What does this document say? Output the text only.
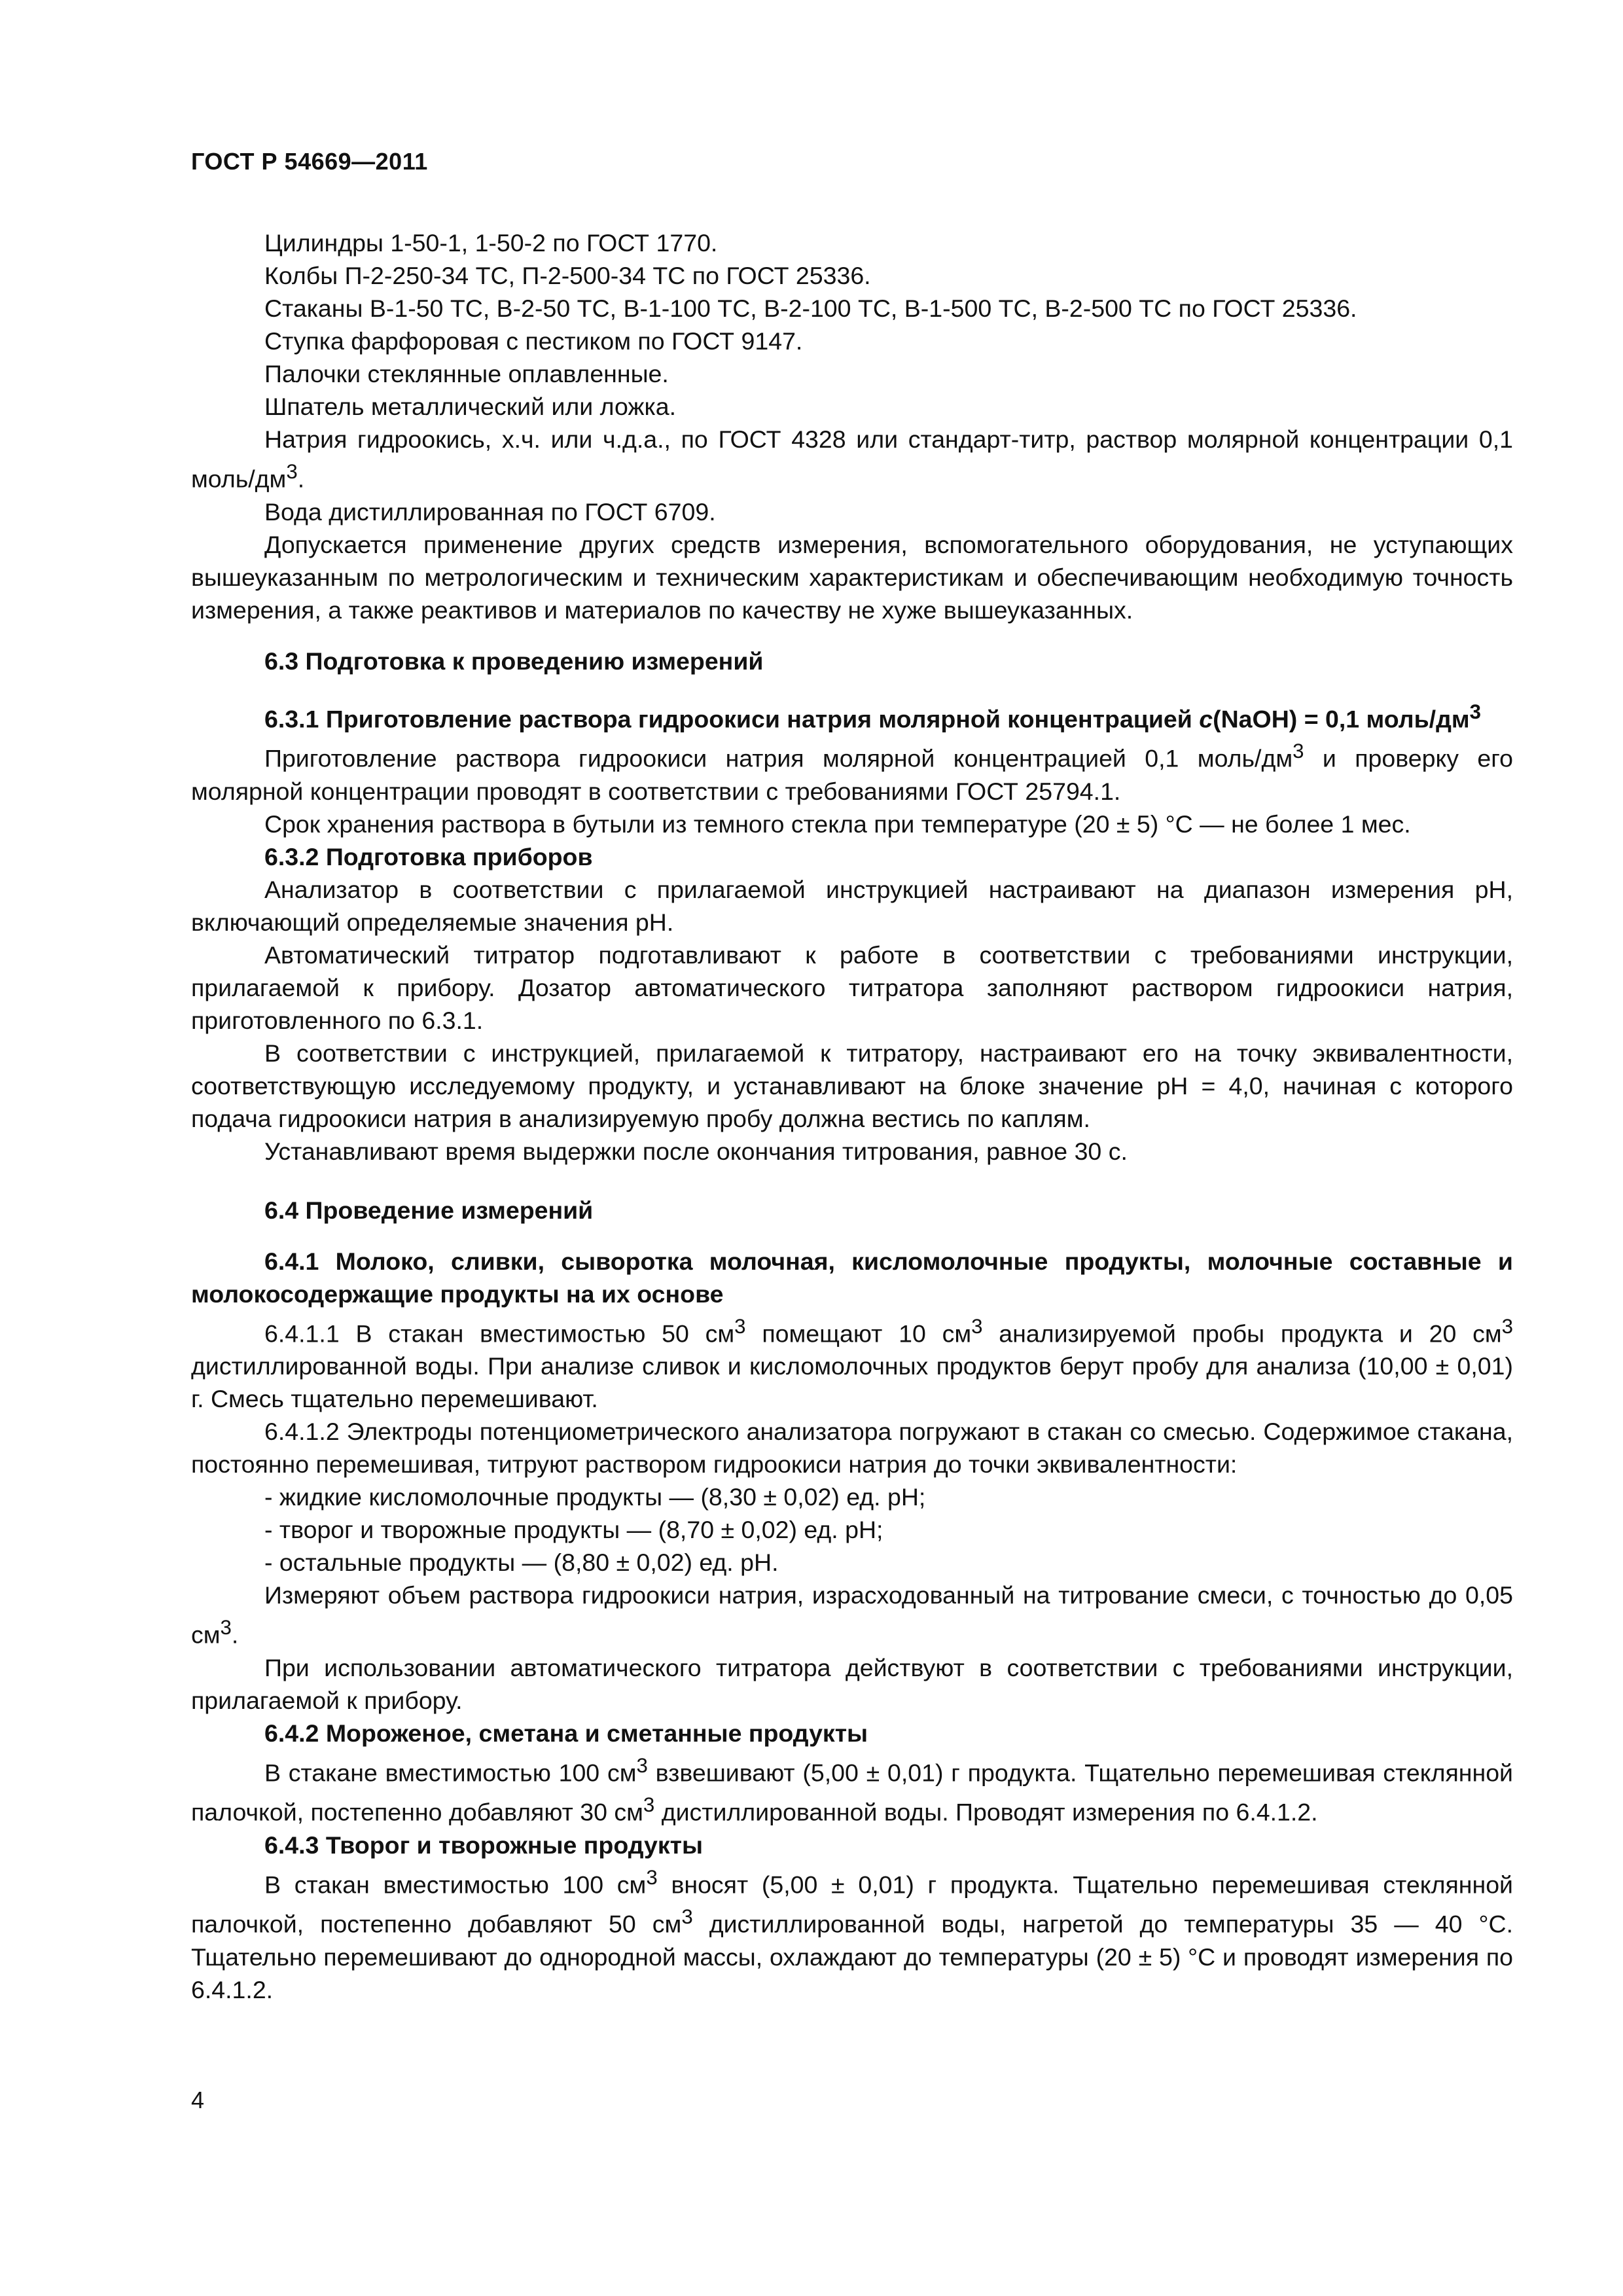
ГОСТ Р 54669—2011

Цилиндры 1-50-1, 1-50-2 по ГОСТ 1770.

Колбы П-2-250-34 ТС, П-2-500-34 ТС по ГОСТ 25336.

Стаканы В-1-50 ТС, В-2-50 ТС, В-1-100 ТС, В-2-100 ТС, В-1-500 ТС, В-2-500 ТС по ГОСТ 25336.

Ступка фарфоровая с пестиком по ГОСТ 9147.

Палочки стеклянные оплавленные.

Шпатель металлический или ложка.

Натрия гидроокись, х.ч. или ч.д.а., по ГОСТ 4328 или стандарт-титр, раствор молярной концентрации 0,1 моль/$дм^3$.

Вода дистиллированная по ГОСТ 6709.

Допускается применение других средств измерения, вспомогательного оборудования, не уступающих вышеуказанным по метрологическим и техническим характеристикам и обеспечивающим необходимую точность измерения, а также реактивов и материалов по качеству не хуже вышеуказанных.

6.3 Подготовка к проведению измерений

6.3.1 Приготовление раствора гидроокиси натрия молярной концентрацией c(NaOH) = 0,1 моль/$дм^3$

Приготовление раствора гидроокиси натрия молярной концентрацией 0,1 моль/$дм^3$ и проверку его молярной концентрации проводят в соответствии с требованиями ГОСТ 25794.1.

Срок хранения раствора в бутыли из темного стекла при температуре (20 ± 5) °С — не более 1 мес.

6.3.2 Подготовка приборов

Анализатор в соответствии с прилагаемой инструкцией настраивают на диапазон измерения pH, включающий определяемые значения pH.

Автоматический титратор подготавливают к работе в соответствии с требованиями инструкции, прилагаемой к прибору. Дозатор автоматического титратора заполняют раствором гидроокиси натрия, приготовленного по 6.3.1.

В соответствии с инструкцией, прилагаемой к титратору, настраивают его на точку эквивалентности, соответствующую исследуемому продукту, и устанавливают на блоке значение pH = 4,0, начиная с которого подача гидроокиси натрия в анализируемую пробу должна вестись по каплям.

Устанавливают время выдержки после окончания титрования, равное 30 с.

6.4 Проведение измерений

6.4.1 Молоко, сливки, сыворотка молочная, кисломолочные продукты, молочные составные и молокосодержащие продукты на их основе

6.4.1.1 В стакан вместимостью 50 $см^3$ помещают 10 $см^3$ анализируемой пробы продукта и 20 $см^3$ дистиллированной воды. При анализе сливок и кисломолочных продуктов берут пробу для анализа (10,00 ± 0,01) г. Смесь тщательно перемешивают.

6.4.1.2 Электроды потенциометрического анализатора погружают в стакан со смесью. Содержимое стакана, постоянно перемешивая, титруют раствором гидроокиси натрия до точки эквивалентности:

- жидкие кисломолочные продукты — (8,30 ± 0,02) ед. pH;

- творог и творожные продукты — (8,70 ± 0,02) ед. pH;

- остальные продукты — (8,80 ± 0,02) ед. pH.

Измеряют объем раствора гидроокиси натрия, израсходованный на титрование смеси, с точностью до 0,05 $см^3$.

При использовании автоматического титратора действуют в соответствии с требованиями инструкции, прилагаемой к прибору.

6.4.2 Мороженое, сметана и сметанные продукты

В стакане вместимостью 100 $см^3$ взвешивают (5,00 ± 0,01) г продукта. Тщательно перемешивая стеклянной палочкой, постепенно добавляют 30 $см^3$ дистиллированной воды. Проводят измерения по 6.4.1.2.

6.4.3 Творог и творожные продукты

В стакан вместимостью 100 $см^3$ вносят (5,00 ± 0,01) г продукта. Тщательно перемешивая стеклянной палочкой, постепенно добавляют 50 $см^3$ дистиллированной воды, нагретой до температуры 35 — 40 °С. Тщательно перемешивают до однородной массы, охлаждают до температуры (20 ± 5) °С и проводят измерения по 6.4.1.2.

4
